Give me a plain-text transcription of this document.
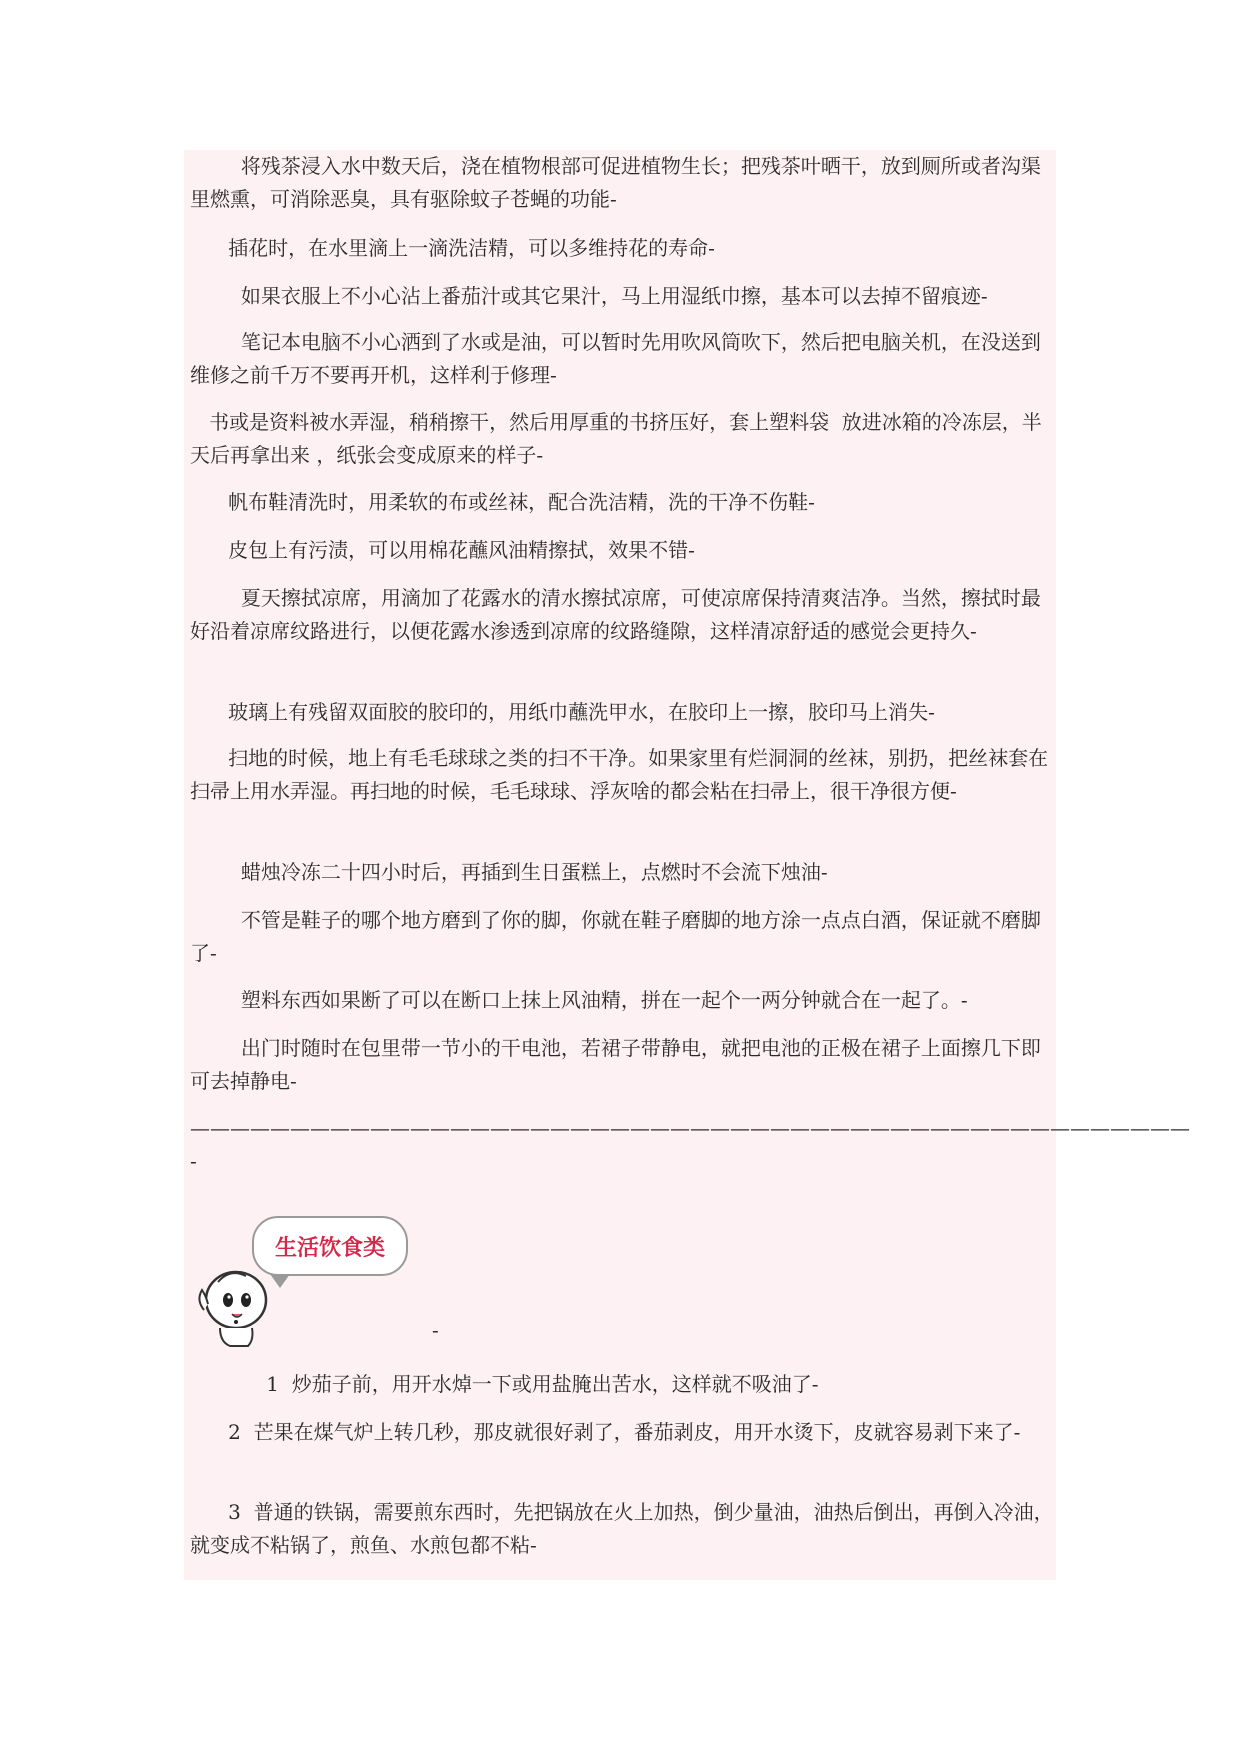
将残茶浸入水中数天后，浇在植物根部可促进植物生长；把残茶叶晒干，放到厕所或者沟渠里燃熏，可消除恶臭，具有驱除蚊子苍蝇的功能-
插花时，在水里滴上一滴洗洁精，可以多维持花的寿命-
如果衣服上不小心沾上番茄汁或其它果汁，马上用湿纸巾擦，基本可以去掉不留痕迹-
笔记本电脑不小心洒到了水或是油，可以暂时先用吹风筒吹下，然后把电脑关机，在没送到维修之前千万不要再开机，这样利于修理-
书或是资料被水弄湿，稍稍擦干，然后用厚重的书挤压好，套上塑料袋  放进冰箱的冷冻层，半天后再拿出来 ，纸张会变成原来的样子-
帆布鞋清洗时，用柔软的布或丝袜，配合洗洁精，洗的干净不伤鞋-
皮包上有污渍，可以用棉花蘸风油精擦拭，效果不错-
夏天擦拭凉席，用滴加了花露水的清水擦拭凉席，可使凉席保持清爽洁净。当然，擦拭时最好沿着凉席纹路进行，以便花露水渗透到凉席的纹路缝隙，这样清凉舒适的感觉会更持久-
玻璃上有残留双面胶的胶印的，用纸巾蘸洗甲水，在胶印上一擦，胶印马上消失-
扫地的时候，地上有毛毛球球之类的扫不干净。如果家里有烂洞洞的丝袜，别扔，把丝袜套在扫帚上用水弄湿。再扫地的时候，毛毛球球、浮灰啥的都会粘在扫帚上，很干净很方便-
蜡烛冷冻二十四小时后，再插到生日蛋糕上，点燃时不会流下烛油-
不管是鞋子的哪个地方磨到了你的脚，你就在鞋子磨脚的地方涂一点点白酒，保证就不磨脚了-
塑料东西如果断了可以在断口上抹上风油精，拼在一起个一两分钟就合在一起了。-
出门时随时在包里带一节小的干电池，若裙子带静电，就把电池的正极在裙子上面擦几下即可去掉静电-
——————————————————————————————————————————————————   -
生活饮食类
-
1  炒茄子前，用开水焯一下或用盐腌出苦水，这样就不吸油了-
2  芒果在煤气炉上转几秒，那皮就很好剥了，番茄剥皮，用开水烫下，皮就容易剥下来了-
3  普通的铁锅，需要煎东西时，先把锅放在火上加热，倒少量油，油热后倒出，再倒入冷油，就变成不粘锅了，煎鱼、水煎包都不粘-
